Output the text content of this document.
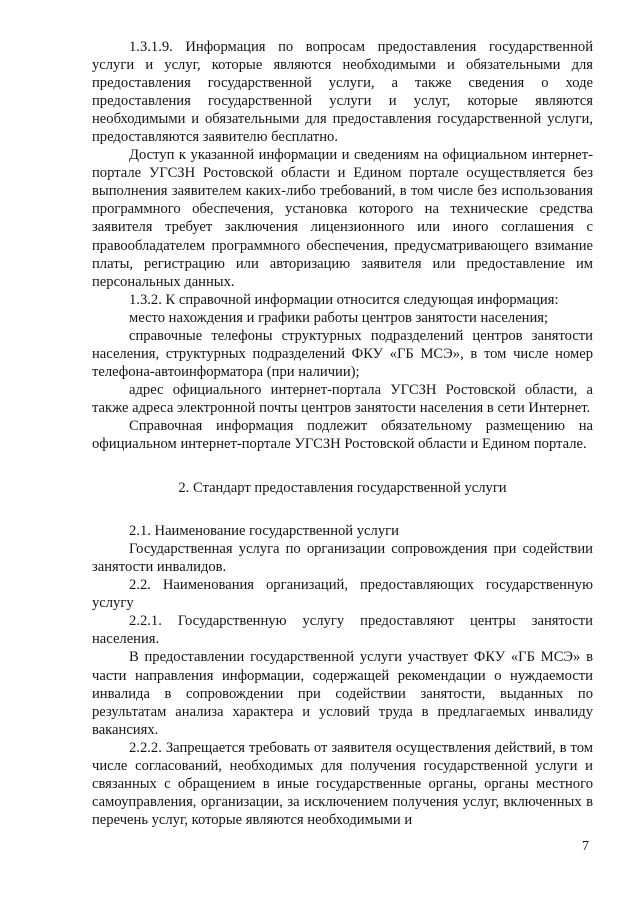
1.3.1.9. Информация по вопросам предоставления государственной услуги и услуг, которые являются необходимыми и обязательными для предоставления государственной услуги, а также сведения о ходе предоставления государственной услуги и услуг, которые являются необходимыми и обязательными для предоставления государственной услуги, предоставляются заявителю бесплатно.

Доступ к указанной информации и сведениям на официальном интернет-портале УГСЗН Ростовской области и Едином портале осуществляется без выполнения заявителем каких-либо требований, в том числе без использования программного обеспечения, установка которого на технические средства заявителя требует заключения лицензионного или иного соглашения с правообладателем программного обеспечения, предусматривающего взимание платы, регистрацию или авторизацию заявителя или предоставление им персональных данных.

1.3.2. К справочной информации относится следующая информация:

место нахождения и графики работы центров занятости населения;

справочные телефоны структурных подразделений центров занятости населения, структурных подразделений ФКУ «ГБ МСЭ», в том числе номер телефона-автоинформатора (при наличии);

адрес официального интернет-портала УГСЗН Ростовской области, а также адреса электронной почты центров занятости населения в сети Интернет.

Справочная информация подлежит обязательному размещению на официальном интернет-портале УГСЗН Ростовской области и Едином портале.

2. Стандарт предоставления государственной услуги

2.1. Наименование государственной услуги

Государственная услуга по организации сопровождения при содействии занятости инвалидов.

2.2. Наименования организаций, предоставляющих государственную услугу

2.2.1. Государственную услугу предоставляют центры занятости населения.

В предоставлении государственной услуги участвует ФКУ «ГБ МСЭ» в части направления информации, содержащей рекомендации о нуждаемости инвалида в сопровождении при содействии занятости, выданных по результатам анализа характера и условий труда в предлагаемых инвалиду вакансиях.

2.2.2. Запрещается требовать от заявителя осуществления действий, в том числе согласований, необходимых для получения государственной услуги и связанных с обращением в иные государственные органы, органы местного самоуправления, организации, за исключением получения услуг, включенных в перечень услуг, которые являются необходимыми и

7
